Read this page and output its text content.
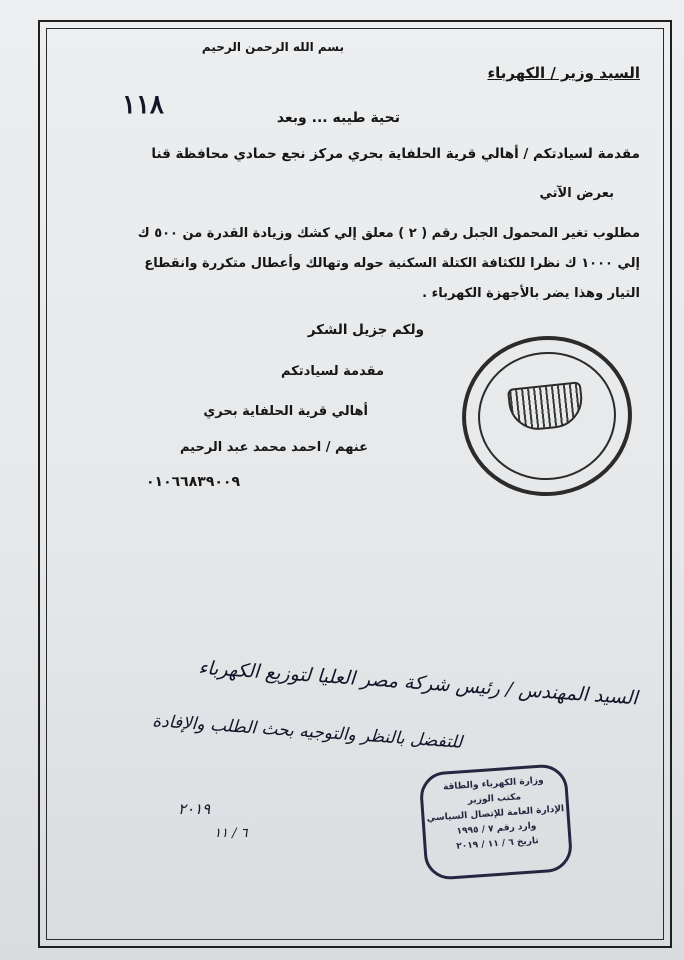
بسم الله الرحمن الرحيم
السيد وزير / الكهرباء
١١٨	تحية طيبه ... وبعد
مقدمة لسيادتكم / أهالي قرية الحلفاية بحري مركز نجع حمادي محافظة قنا
بعرض الآتي
مطلوب تغير المحمول الجبل رقم ( ٢ ) معلق إلي كشك وزيادة القدرة من ٥٠٠ ك
إلي ١٠٠٠ ك نظرا للكثافة الكتلة السكنية حوله وتهالك وأعطال متكررة وانقطاع
التيار وهذا يضر بالأجهزة الكهرباء .
ولكم جزيل الشكر
مقدمة لسيادتكم
أهالي قرية الحلفاية بحري
عنهم / احمد محمد عبد الرحيم
٠١٠٦٦٨٣٩٠٠٩
السيد المهندس / رئيس شركة مصر العليا لتوزيع الكهرباء
للتفضل بالنظر والتوجيه بحث الطلب والإفادة
٢٠١٩
٦ / ١١
وزارة الكهرباء والطاقة
مكتب الوزير
الإدارة العامة للإتصال السياسي
وارد رقم ٧ / ١٩٩٥
تاريخ ٦ / ١١ / ٢٠١٩
